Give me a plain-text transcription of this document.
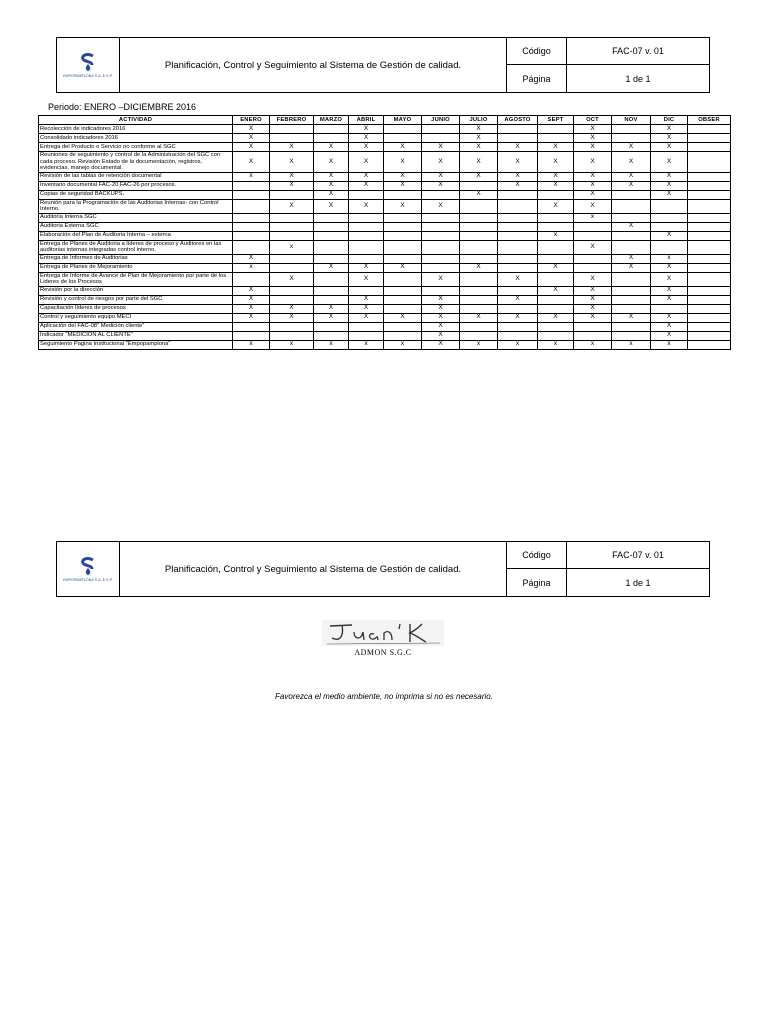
EMPOPAMPLONA S.A. E.S.P.
Planificación, Control y Seguimiento al Sistema de Gestión de calidad.
Código	FAC-07 v. 01
Página	1 de 1
Periodo: ENERO –DICIEMBRE 2016
ACTIVIDAD	ENERO	FEBRERO	MARZO	ABRIL	MAYO	JUNIO	JULIO	AGOSTO	SEPT	OCT	NOV	DIC	OBSER
Recolección de indicadores 2016	X			X			X			X		X	
Consolidado indicadores 2016	X			X			X			X		X	
Entrega del Producto o Servicio no conforme al SGC	X	X	X	X	X	X	X	X	X	X	X	X	
Reuniones de seguimiento y control de la Administración del SGC con cada proceso. Revisión Estado de la documentación, registros, evidencias, manejo documental.	X	X	X	X	X	X	X	X	X	X	X	X	
Revisión de las tablas de retención documental	x	X	X	X	X	X	X	X	X	X	X	X	
Inventario documental FAC-20 FAC-26 por procesos.		X	X	X	X	X		X	X	X	X	X	
Copias de seguridad BACKUPS.			X				X			X		X	
Reunión para la Programación de las Auditorias Internas- con Control Interno.		X	X	X	X	X			X	X			
Auditoria Interna SGC										x			
Auditoria Externa SGC											X		
Elaboración del Plan de Auditoria Interna – externa									x			X	
Entrega de Planes de Auditoria a líderes de proceso y Auditores en las auditorias internas integradas control interno.		x								X			
Entrega de Informes de Auditorias	X										X	x	
Entrega de Planes de Mejoramiento	x		X	X	X		X		X		X	X	
Entrega de Informe de Avance de Plan de Mejoramiento por parte de los Lideres de los Procesos		X		X		X		X		X		X	
Revisión por la dirección	X								X	X		X	
Revisión y control de riesgos por parte del SGC	X			X		X		X		X		X	
Capacitación líderes de procesos	X	X	X	X		X				X			
Control y seguimiento equipo MECI	X	X	X	X	X	X	X	X	X	X	X	X	
Aplicación del FAC-08" Medición cliente"						X						X	
Indicador "MEDICION AL CLIENTE"						X						X	
Seguimiento Pagina Institucional "Empopamplona"	x	x	x	x	x	X	x	x	x	x	x	x	
EMPOPAMPLONA S.A. E.S.P.
Planificación, Control y Seguimiento al Sistema de Gestión de calidad.
Código	FAC-07 v. 01
Página	1 de 1
ADMON S.G.C
Favorezca el medio ambiente, no imprima si no es necesario.
